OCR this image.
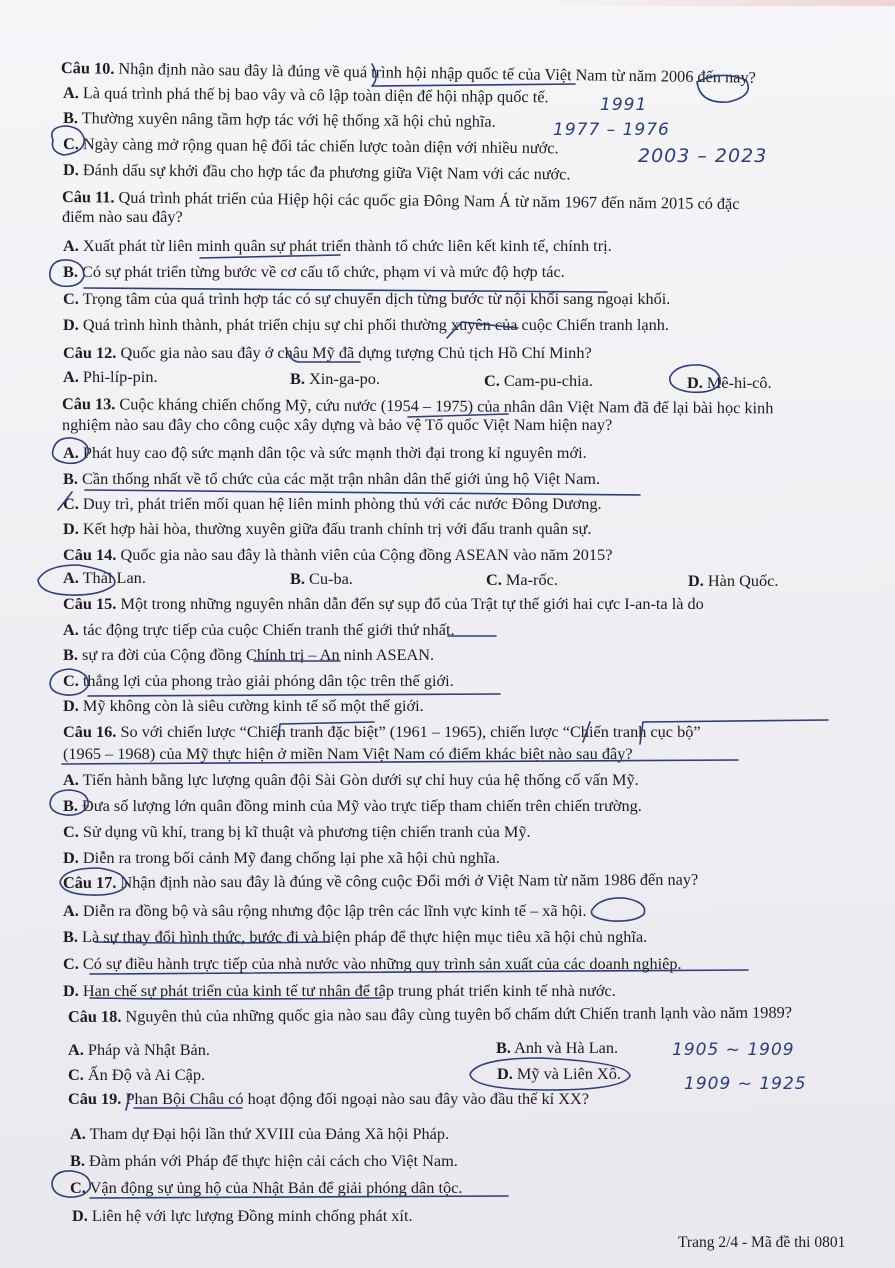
Câu 10. Nhận định nào sau đây là đúng về quá trình hội nhập quốc tế của Việt Nam từ năm 2006 đến nay?
A. Là quá trình phá thế bị bao vây và cô lập toàn diện để hội nhập quốc tế.
B. Thường xuyên nâng tầm hợp tác với hệ thống xã hội chủ nghĩa.
C. Ngày càng mở rộng quan hệ đối tác chiến lược toàn diện với nhiều nước.
D. Đánh dấu sự khởi đầu cho hợp tác đa phương giữa Việt Nam với các nước.
Câu 11. Quá trình phát triển của Hiệp hội các quốc gia Đông Nam Á từ năm 1967 đến năm 2015 có đặc
điểm nào sau đây?
A. Xuất phát từ liên minh quân sự phát triển thành tổ chức liên kết kinh tế, chính trị.
B. Có sự phát triển từng bước về cơ cấu tổ chức, phạm vi và mức độ hợp tác.
C. Trọng tâm của quá trình hợp tác có sự chuyển dịch từng bước từ nội khối sang ngoại khối.
D. Quá trình hình thành, phát triển chịu sự chi phối thường xuyên của cuộc Chiến tranh lạnh.
Câu 12. Quốc gia nào sau đây ở châu Mỹ đã dựng tượng Chủ tịch Hồ Chí Minh?
A. Phi-líp-pin.	B. Xin-ga-po.	C. Cam-pu-chia.	D. Mê-hi-cô.
Câu 13. Cuộc kháng chiến chống Mỹ, cứu nước (1954 – 1975) của nhân dân Việt Nam đã để lại bài học kinh
nghiệm nào sau đây cho công cuộc xây dựng và bảo vệ Tổ quốc Việt Nam hiện nay?
A. Phát huy cao độ sức mạnh dân tộc và sức mạnh thời đại trong kỉ nguyên mới.
B. Cần thống nhất về tổ chức của các mặt trận nhân dân thế giới ủng hộ Việt Nam.
C. Duy trì, phát triển mối quan hệ liên minh phòng thủ với các nước Đông Dương.
D. Kết hợp hài hòa, thường xuyên giữa đấu tranh chính trị với đấu tranh quân sự.
Câu 14. Quốc gia nào sau đây là thành viên của Cộng đồng ASEAN vào năm 2015?
A. Thái Lan.	B. Cu-ba.	C. Ma-rốc.	D. Hàn Quốc.
Câu 15. Một trong những nguyên nhân dẫn đến sự sụp đổ của Trật tự thế giới hai cực I-an-ta là do
A. tác động trực tiếp của cuộc Chiến tranh thế giới thứ nhất.
B. sự ra đời của Cộng đồng Chính trị – An ninh ASEAN.
C. thắng lợi của phong trào giải phóng dân tộc trên thế giới.
D. Mỹ không còn là siêu cường kinh tế số một thế giới.
Câu 16. So với chiến lược “Chiến tranh đặc biệt” (1961 – 1965), chiến lược “Chiến tranh cục bộ”
(1965 – 1968) của Mỹ thực hiện ở miền Nam Việt Nam có điểm khác biệt nào sau đây?
A. Tiến hành bằng lực lượng quân đội Sài Gòn dưới sự chỉ huy của hệ thống cố vấn Mỹ.
B. Đưa số lượng lớn quân đồng minh của Mỹ vào trực tiếp tham chiến trên chiến trường.
C. Sử dụng vũ khí, trang bị kĩ thuật và phương tiện chiến tranh của Mỹ.
D. Diễn ra trong bối cảnh Mỹ đang chống lại phe xã hội chủ nghĩa.
Câu 17. Nhận định nào sau đây là đúng về công cuộc Đổi mới ở Việt Nam từ năm 1986 đến nay?
A. Diễn ra đồng bộ và sâu rộng nhưng độc lập trên các lĩnh vực kinh tế – xã hội.
B. Là sự thay đổi hình thức, bước đi và biện pháp để thực hiện mục tiêu xã hội chủ nghĩa.
C. Có sự điều hành trực tiếp của nhà nước vào những quy trình sản xuất của các doanh nghiệp.
D. Hạn chế sự phát triển của kinh tế tư nhân để tập trung phát triển kinh tế nhà nước.
Câu 18. Nguyên thủ của những quốc gia nào sau đây cùng tuyên bố chấm dứt Chiến tranh lạnh vào năm 1989?
A. Pháp và Nhật Bản.	B. Anh và Hà Lan.
C. Ấn Độ và Ai Cập.	D. Mỹ và Liên Xô.
Câu 19. Phan Bội Châu có hoạt động đối ngoại nào sau đây vào đầu thế kỉ XX?
A. Tham dự Đại hội lần thứ XVIII của Đảng Xã hội Pháp.
B. Đàm phán với Pháp để thực hiện cải cách cho Việt Nam.
C. Vận động sự ủng hộ của Nhật Bản để giải phóng dân tộc.
D. Liên hệ với lực lượng Đồng minh chống phát xít.
Trang 2/4 - Mã đề thi 0801
1991
1977 – 1976
2003 – 2023
1905 ~ 1909
1909 ~ 1925
